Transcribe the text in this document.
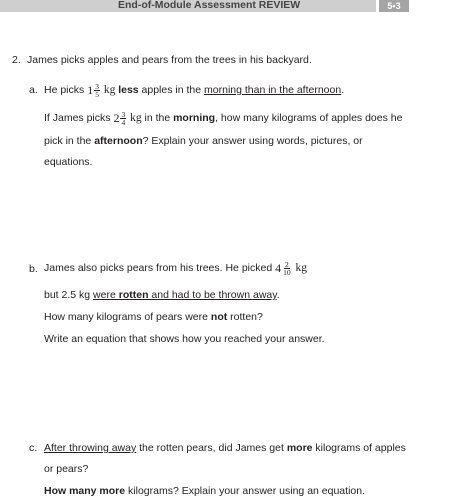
End-of-Module Assessment REVIEW	5•3
2. James picks apples and pears from the trees in his backyard.
a. He picks $1 \frac{3}{5}$ kg less apples in the morning than in the afternoon.
If James picks $2 \frac{3}{4}$ kg in the morning, how many kilograms of apples does he
pick in the afternoon? Explain your answer using words, pictures, or
equations.
b. James also picks pears from his trees. He picked $4 \frac{2}{10}$ kg
but 2.5 kg were rotten and had to be thrown away.
How many kilograms of pears were not rotten?
Write an equation that shows how you reached your answer.
c. After throwing away the rotten pears, did James get more kilograms of apples
or pears?
How many more kilograms? Explain your answer using an equation.
